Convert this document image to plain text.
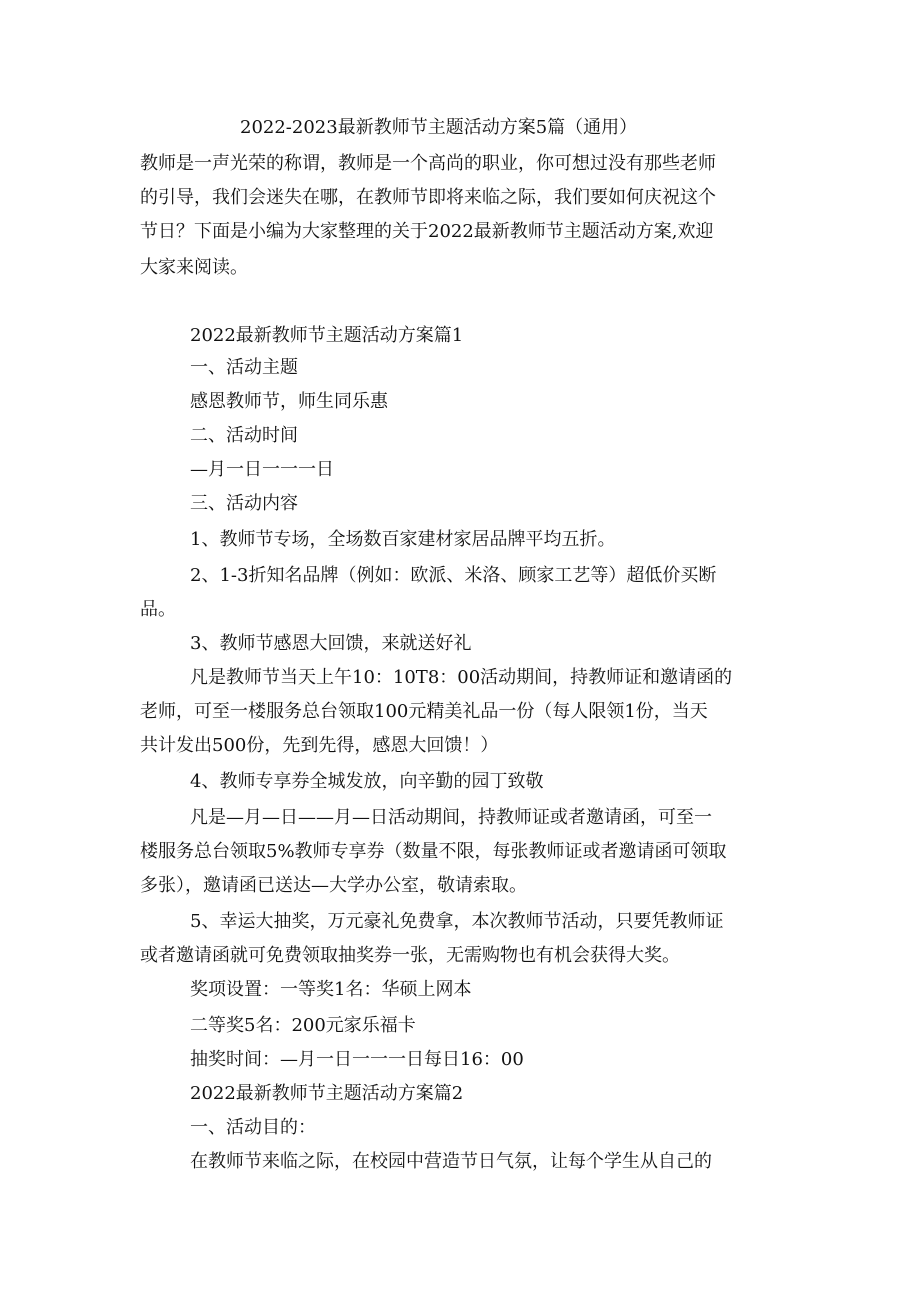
2022-2023最新教师节主题活动方案5篇（通用）
教师是一声光荣的称谓，教师是一个高尚的职业，你可想过没有那些老师
的引导，我们会迷失在哪，在教师节即将来临之际，我们要如何庆祝这个
节日？下面是小编为大家整理的关于2022最新教师节主题活动方案,欢迎
大家来阅读。
2022最新教师节主题活动方案篇1
一、活动主题
感恩教师节，师生同乐惠
二、活动时间
—月一日一一一日
三、活动内容
1、教师节专场，全场数百家建材家居品牌平均五折。
2、1-3折知名品牌（例如：欧派、米洛、顾家工艺等）超低价买断
品。
3、教师节感恩大回馈，来就送好礼
凡是教师节当天上午10：10T8：00活动期间，持教师证和邀请函的
老师，可至一楼服务总台领取100元精美礼品一份（每人限领1份，当天
共计发出500份，先到先得，感恩大回馈！）
4、教师专享券全城发放，向辛勤的园丁致敬
凡是—月—日——月—日活动期间，持教师证或者邀请函，可至一
楼服务总台领取5%教师专享券（数量不限，每张教师证或者邀请函可领取
多张），邀请函已送达—大学办公室，敬请索取。
5、幸运大抽奖，万元豪礼免费拿，本次教师节活动，只要凭教师证
或者邀请函就可免费领取抽奖券一张，无需购物也有机会获得大奖。
奖项设置：一等奖1名：华硕上网本
二等奖5名：200元家乐福卡
抽奖时间：—月一日一一一日每日16：00
2022最新教师节主题活动方案篇2
一、活动目的：
在教师节来临之际，在校园中营造节日气氛，让每个学生从自己的
